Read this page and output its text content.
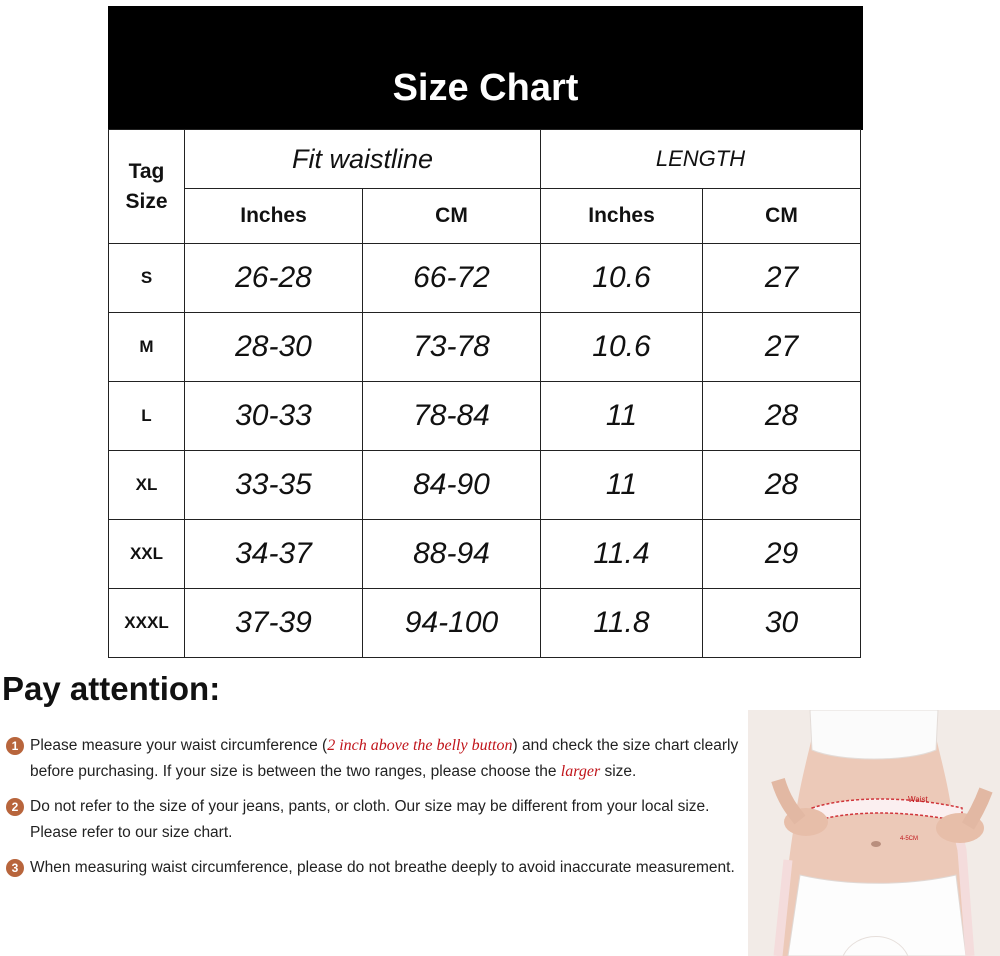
Size Chart
Tag
Size	Fit waistline		LENGTH	
	Inches	CM	Inches	CM
S	26-28	66-72	10.6	27
M	28-30	73-78	10.6	27
L	30-33	78-84	11	28
XL	33-35	84-90	11	28
XXL	34-37	88-94	11.4	29
XXXL	37-39	94-100	11.8	30
Pay attention:
1 Please measure your waist circumference (2 inch above the belly button) and check the size chart clearly before purchasing. If your size is between the two ranges, please choose the larger size.
2 Do not refer to the size of your jeans, pants, or cloth. Our size may be different from your local size. Please refer to our size chart.
3 When measuring waist circumference, please do not breathe deeply to avoid inaccurate measurement.
Waist
4-5CM
